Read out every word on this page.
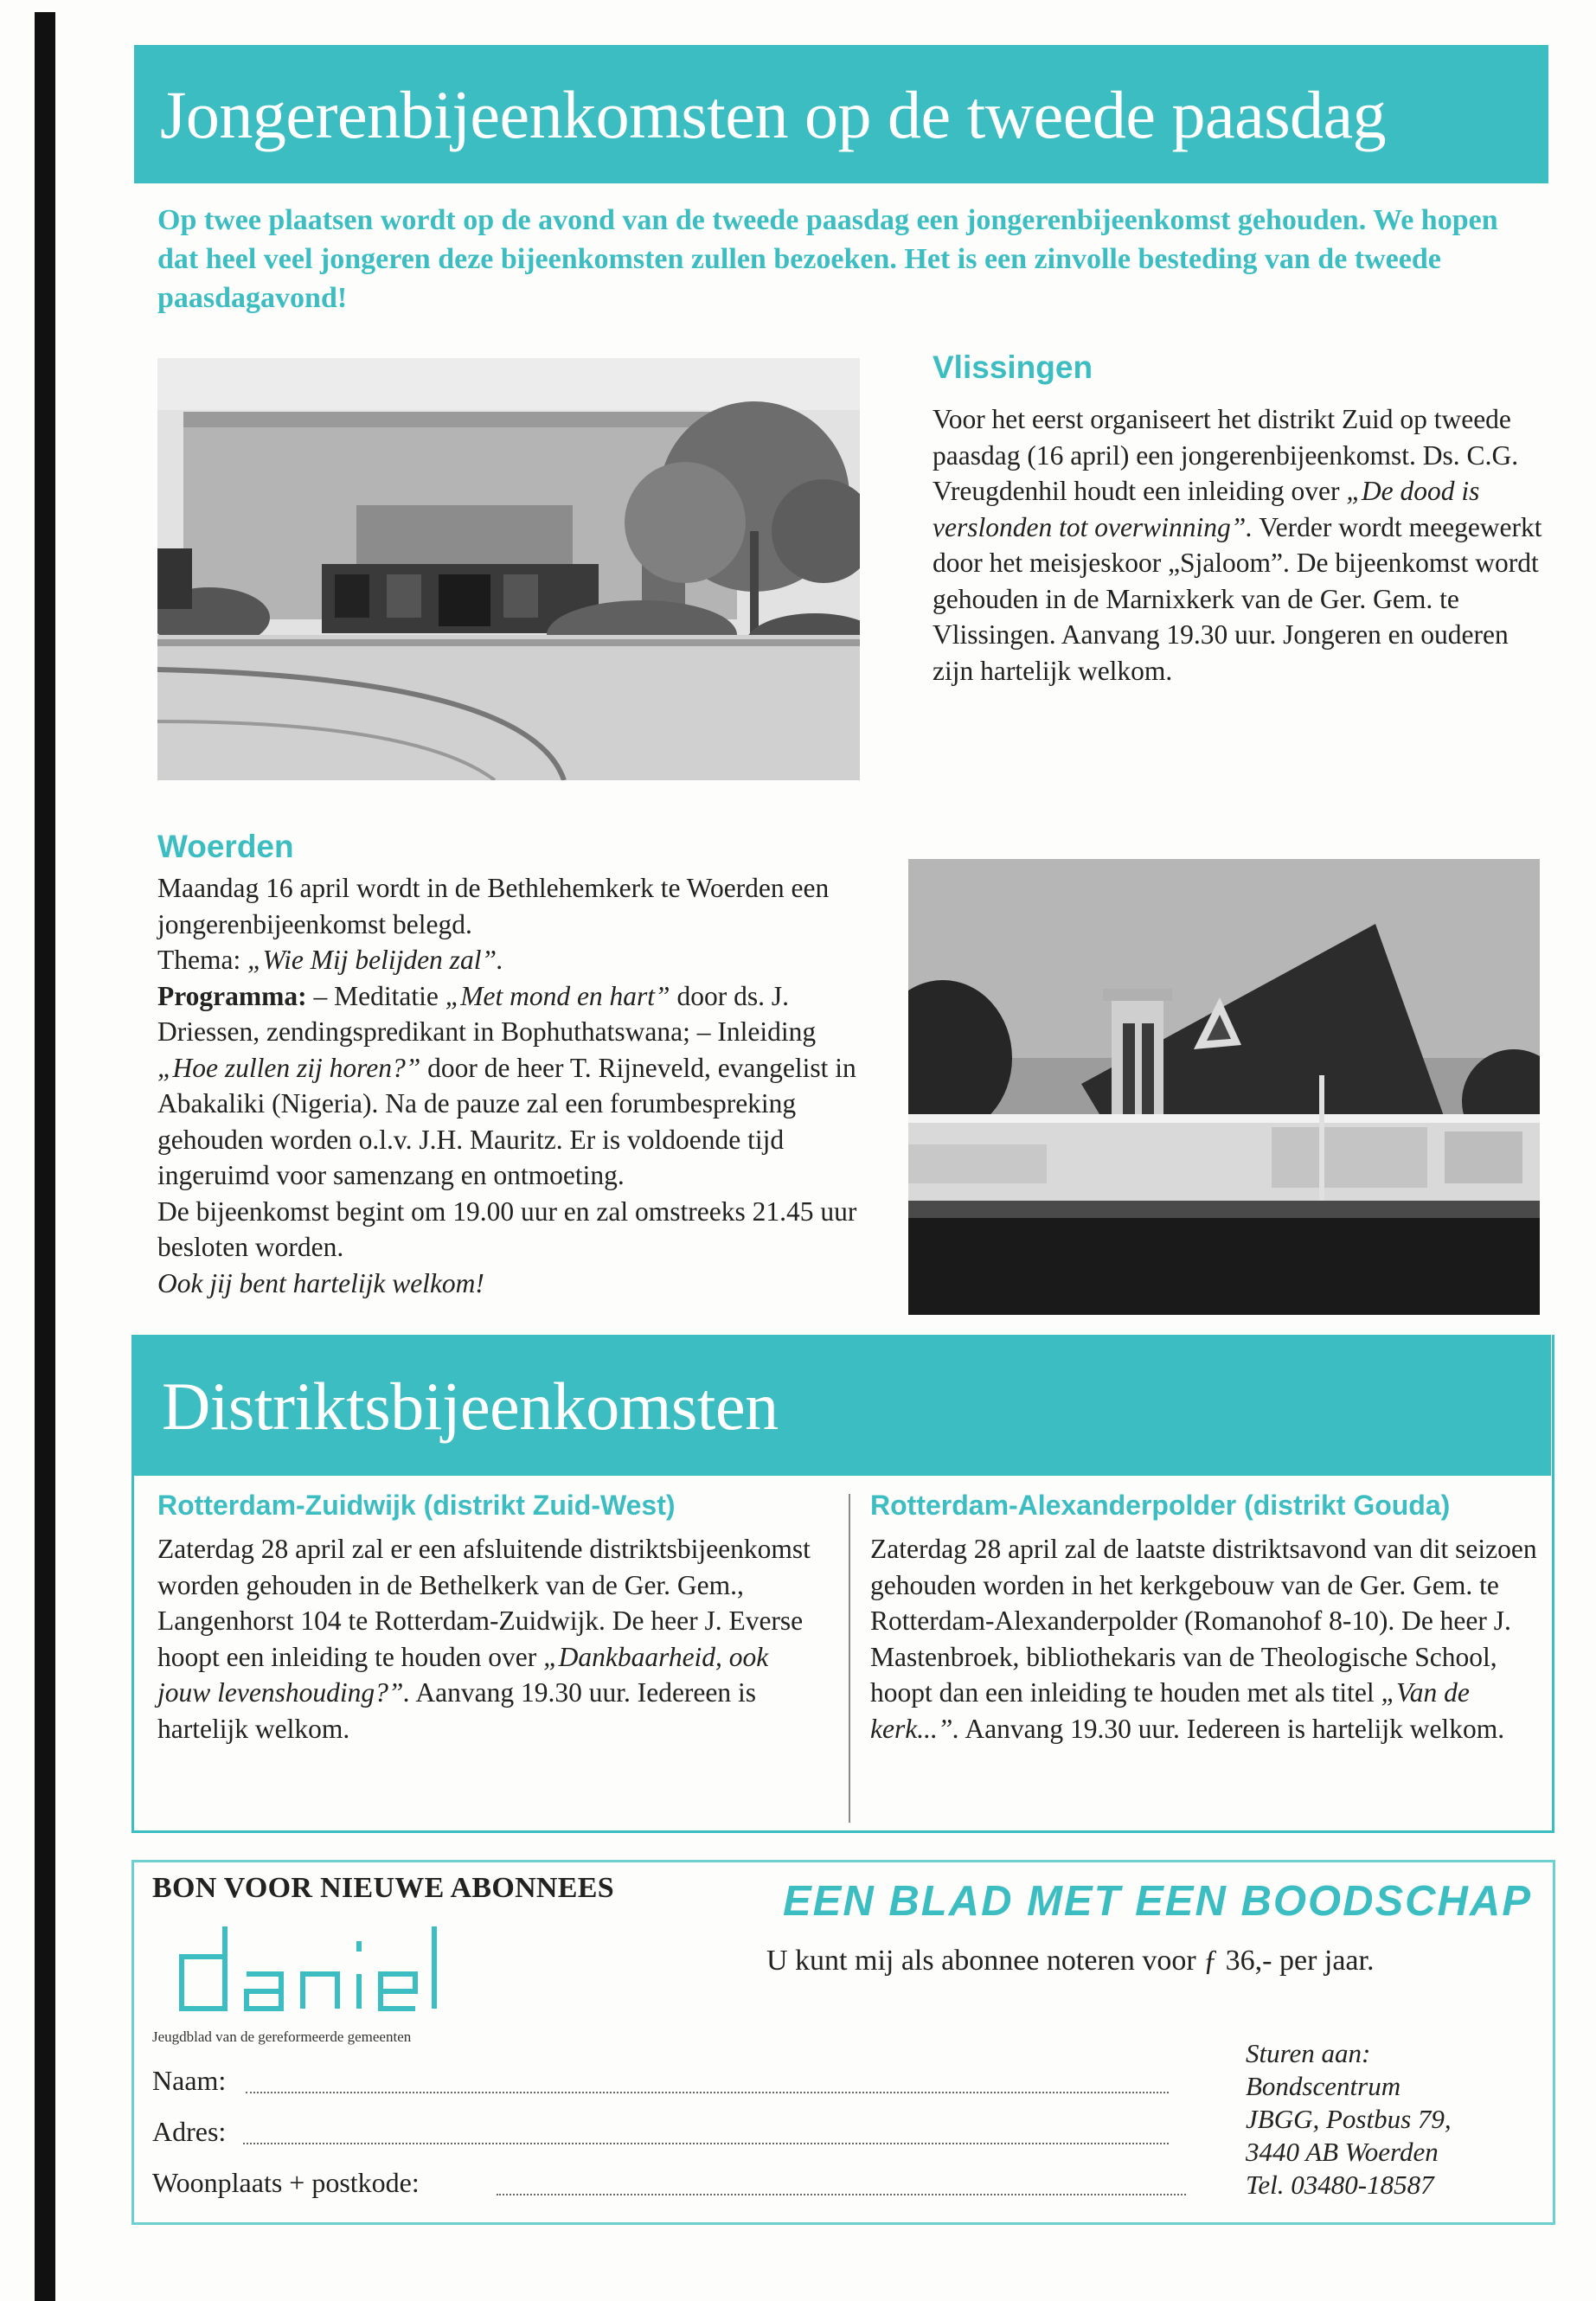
Jongerenbijeenkomsten op de tweede paasdag
Op twee plaatsen wordt op de avond van de tweede paasdag een jongerenbijeenkomst gehouden. We hopen dat heel veel jongeren deze bijeenkomsten zullen bezoeken. Het is een zinvolle besteding van de tweede paasdagavond!
Vlissingen
Voor het eerst organiseert het distrikt Zuid op tweede paasdag (16 april) een jongerenbijeenkomst. Ds. C.G. Vreugdenhil houdt een inleiding over „De dood is verslonden tot overwinning”. Verder wordt meegewerkt door het meisjeskoor „Sjaloom”. De bijeenkomst wordt gehouden in de Marnixkerk van de Ger. Gem. te Vlissingen. Aanvang 19.30 uur. Jongeren en ouderen zijn hartelijk welkom.
Woerden
Maandag 16 april wordt in de Bethlehemkerk te Woerden een jongerenbijeenkomst belegd.
Thema: „Wie Mij belijden zal”.
Programma: – Meditatie „Met mond en hart” door ds. J. Driessen, zendingspredikant in Bophuthatswana; – Inleiding „Hoe zullen zij horen?” door de heer T. Rijneveld, evangelist in Abakaliki (Nigeria). Na de pauze zal een forumbespreking gehouden worden o.l.v. J.H. Mauritz. Er is voldoende tijd ingeruimd voor samenzang en ontmoeting.
De bijeenkomst begint om 19.00 uur en zal omstreeks 21.45 uur besloten worden.
Ook jij bent hartelijk welkom!
Distriktsbijeenkomsten
Rotterdam-Zuidwijk (distrikt Zuid-West)
Zaterdag 28 april zal er een afsluitende distriktsbijeenkomst worden gehouden in de Bethelkerk van de Ger. Gem., Langenhorst 104 te Rotterdam-Zuidwijk. De heer J. Everse hoopt een inleiding te houden over „Dankbaarheid, ook jouw levenshouding?”. Aanvang 19.30 uur. Iedereen is hartelijk welkom.
Rotterdam-Alexanderpolder (distrikt Gouda)
Zaterdag 28 april zal de laatste distriktsavond van dit seizoen gehouden worden in het kerkgebouw van de Ger. Gem. te Rotterdam-Alexanderpolder (Romanohof 8-10). De heer J. Mastenbroek, bibliothekaris van de Theologische School, hoopt dan een inleiding te houden met als titel „Van de kerk...”. Aanvang 19.30 uur. Iedereen is hartelijk welkom.
BON VOOR NIEUWE ABONNEES	EEN BLAD MET EEN BOODSCHAP
U kunt mij als abonnee noteren voor ƒ 36,- per jaar.
Jeugdblad van de gereformeerde gemeenten
Naam:
Adres:
Woonplaats + postkode:
Sturen aan:
Bondscentrum
JBGG, Postbus 79,
3440 AB Woerden
Tel. 03480-18587
